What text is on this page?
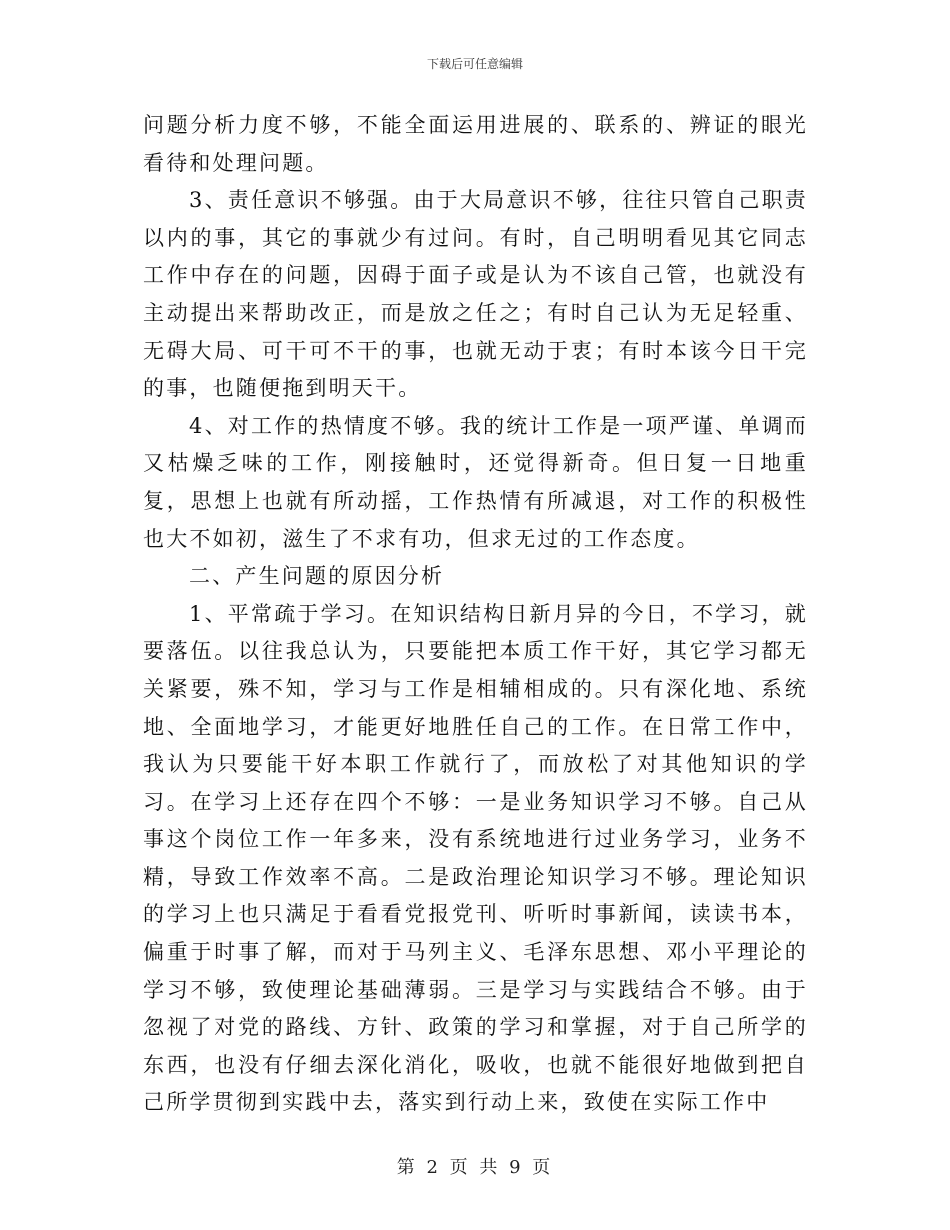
下载后可任意编辑

问题分析力度不够，不能全面运用进展的、联系的、辨证的眼光看待和处理问题。

3、责任意识不够强。由于大局意识不够，往往只管自己职责以内的事，其它的事就少有过问。有时，自己明明看见其它同志工作中存在的问题，因碍于面子或是认为不该自己管，也就没有主动提出来帮助改正，而是放之任之；有时自己认为无足轻重、无碍大局、可干可不干的事，也就无动于衷；有时本该今日干完的事，也随便拖到明天干。

4、对工作的热情度不够。我的统计工作是一项严谨、单调而又枯燥乏味的工作，刚接触时，还觉得新奇。但日复一日地重复，思想上也就有所动摇，工作热情有所减退，对工作的积极性也大不如初，滋生了不求有功，但求无过的工作态度。

二、产生问题的原因分析

1、平常疏于学习。在知识结构日新月异的今日，不学习，就要落伍。以往我总认为，只要能把本质工作干好，其它学习都无关紧要，殊不知，学习与工作是相辅相成的。只有深化地、系统地、全面地学习，才能更好地胜任自己的工作。在日常工作中，我认为只要能干好本职工作就行了，而放松了对其他知识的学习。在学习上还存在四个不够：一是业务知识学习不够。自己从事这个岗位工作一年多来，没有系统地进行过业务学习，业务不精，导致工作效率不高。二是政治理论知识学习不够。理论知识的学习上也只满足于看看党报党刊、听听时事新闻，读读书本，偏重于时事了解，而对于马列主义、毛泽东思想、邓小平理论的学习不够，致使理论基础薄弱。三是学习与实践结合不够。由于忽视了对党的路线、方针、政策的学习和掌握，对于自己所学的东西，也没有仔细去深化消化，吸收，也就不能很好地做到把自己所学贯彻到实践中去，落实到行动上来，致使在实际工作中

第 2 页 共 9 页
